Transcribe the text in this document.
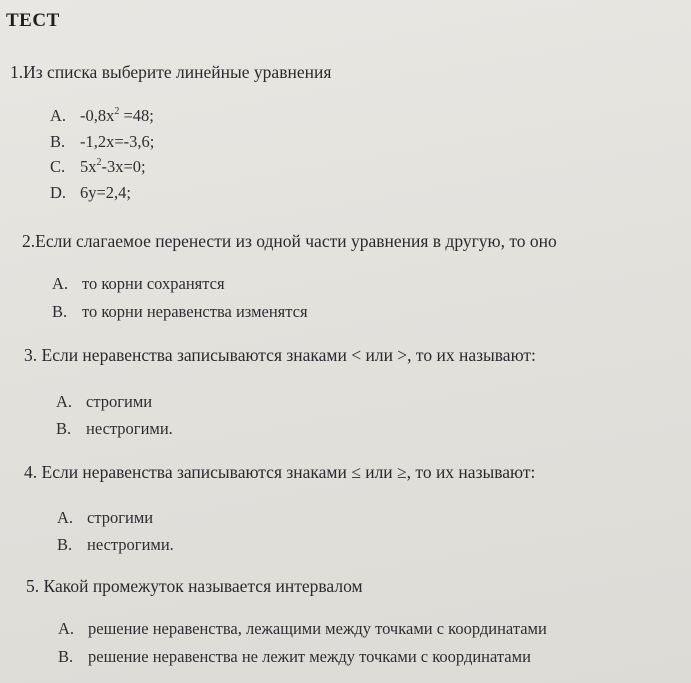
ТЕСТ
1.Из списка выберите линейные уравнения
A. $-0,8x^2 =48$;
B. -1,2x=-3,6;
C. $5x^2-3x=0$;
D. 6y=2,4;
2.Если слагаемое перенести из одной части уравнения в другую, то оно
A. то корни сохранятся
B. то корни неравенства изменятся
3. Если неравенства записываются знаками < или >, то их называют:
A. строгими
B. нестрогими.
4. Если неравенства записываются знаками ≤ или ≥, то их называют:
A. строгими
B. нестрогими.
5. Какой промежуток называется интервалом
A. решение неравенства, лежащими между точками с координатами
B. решение неравенства не лежит между точками с координатами
